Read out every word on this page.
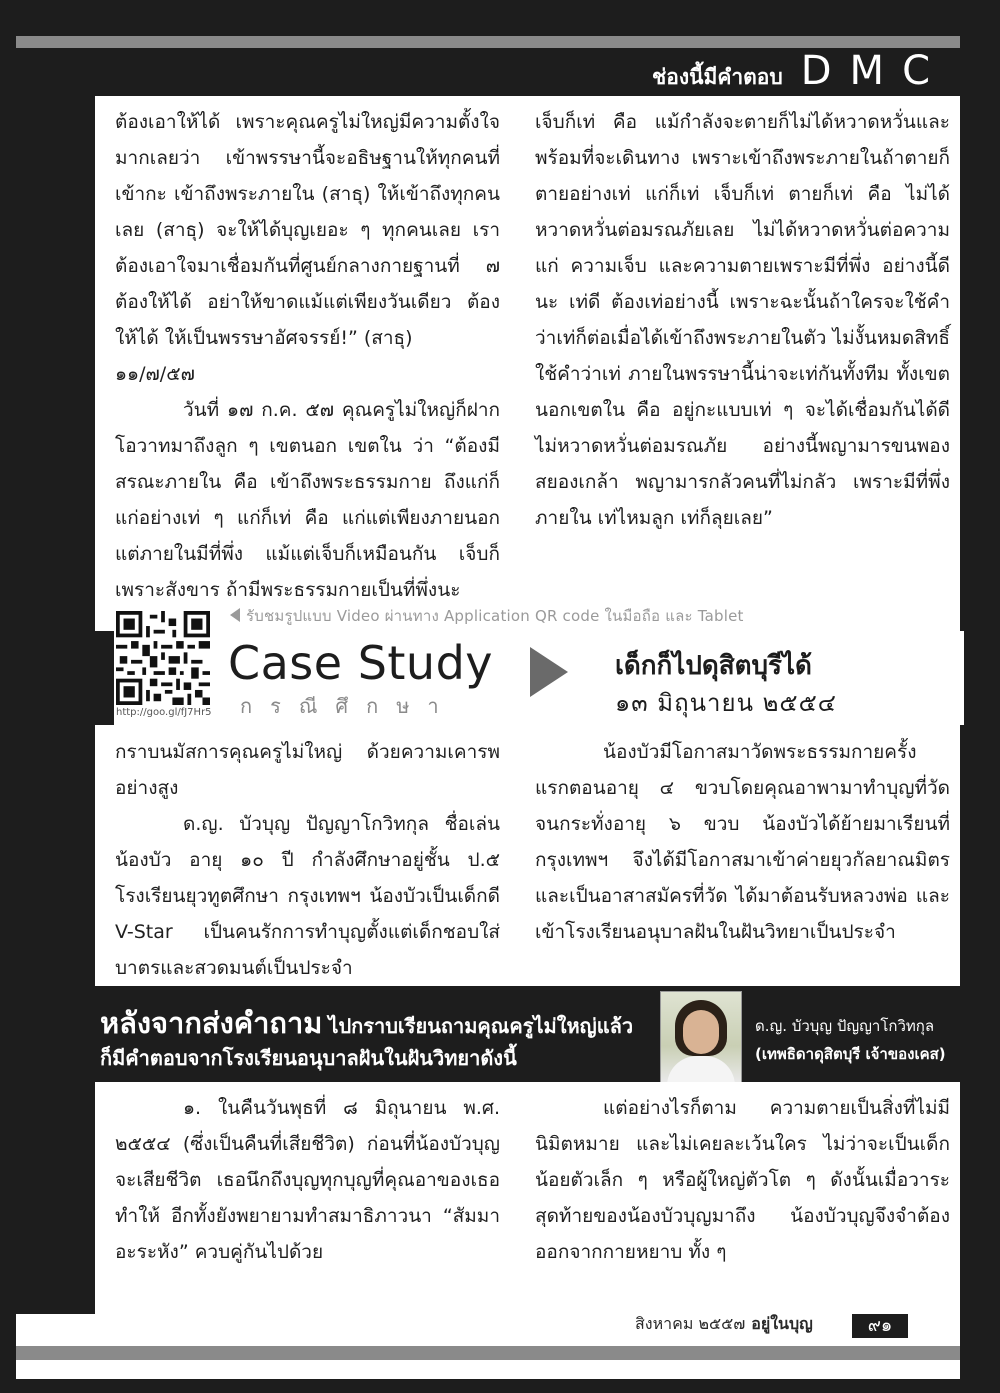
ช่องนี้มีคำตอบ DMC

ต้องเอาให้ได้ เพราะคุณครูไม่ใหญ่มีความตั้งใจมากเลยว่า เข้าพรรษานี้จะอธิษฐานให้ทุกคนที่เข้ากะ เข้าถึงพระภายใน (สาธุ) ให้เข้าถึงทุกคนเลย (สาธุ) จะให้ได้บุญเยอะ ๆ ทุกคนเลย เราต้องเอาใจมาเชื่อมกันที่ศูนย์กลางกายฐานที่ ๗ ต้องให้ได้ อย่าให้ขาดแม้แต่เพียงวันเดียว ต้องให้ได้ ให้เป็นพรรษาอัศจรรย์!” (สาธุ)

๑๑/๗/๕๗

วันที่ ๑๗ ก.ค. ๕๗ คุณครูไม่ใหญ่ก็ฝากโอวาทมาถึงลูก ๆ เขตนอก เขตใน ว่า “ต้องมีสรณะภายใน คือ เข้าถึงพระธรรมกาย ถึงแก่ก็แก่อย่างเท่ ๆ แก่ก็เท่ คือ แก่แต่เพียงภายนอก แต่ภายในมีที่พึ่ง แม้แต่เจ็บก็เหมือนกัน เจ็บก็เพราะสังขาร ถ้ามีพระธรรมกายเป็นที่พึ่งนะ

เจ็บก็เท่ คือ แม้กำลังจะตายก็ไม่ได้หวาดหวั่นและพร้อมที่จะเดินทาง เพราะเข้าถึงพระภายในถ้าตายก็ตายอย่างเท่ แก่ก็เท่ เจ็บก็เท่ ตายก็เท่ คือ ไม่ได้หวาดหวั่นต่อมรณภัยเลย ไม่ได้หวาดหวั่นต่อความแก่ ความเจ็บ และความตายเพราะมีที่พึ่ง อย่างนี้ดีนะ เท่ดี ต้องเท่อย่างนี้ เพราะฉะนั้นถ้าใครจะใช้คำว่าเท่ก็ต่อเมื่อได้เข้าถึงพระภายในตัว ไม่งั้นหมดสิทธิ์ใช้คำว่าเท่ ภายในพรรษานี้น่าจะเท่กันทั้งทีม ทั้งเขตนอกเขตใน คือ อยู่กะแบบเท่ ๆ จะได้เชื่อมกันได้ดี ไม่หวาดหวั่นต่อมรณภัย อย่างนี้พญามารขนพองสยองเกล้า พญามารกลัวคนที่ไม่กลัว เพราะมีที่พึ่งภายใน เท่ไหมลูก เท่ก็ลุยเลย”

รับชมรูปแบบ Video ผ่านทาง Application QR code ในมือถือ และ Tablet
http://goo.gl/fJ7Hr5
Case Study
กรณีศึกษา
เด็กก็ไปดุสิตบุรีได้
๑๓ มิถุนายน ๒๕๕๔

กราบนมัสการคุณครูไม่ใหญ่ ด้วยความเคารพอย่างสูง

ด.ญ. บัวบุญ ปัญญาโกวิทกุล ชื่อเล่นน้องบัว อายุ ๑๐ ปี กำลังศึกษาอยู่ชั้น ป.๕ โรงเรียนยุวทูตศึกษา กรุงเทพฯ น้องบัวเป็นเด็กดี V-Star เป็นคนรักการทำบุญตั้งแต่เด็กชอบใส่บาตรและสวดมนต์เป็นประจำ

น้องบัวมีโอกาสมาวัดพระธรรมกายครั้งแรกตอนอายุ ๔ ขวบโดยคุณอาพามาทำบุญที่วัด จนกระทั่งอายุ ๖ ขวบ น้องบัวได้ย้ายมาเรียนที่กรุงเทพฯ จึงได้มีโอกาสมาเข้าค่ายยุวกัลยาณมิตร และเป็นอาสาสมัครที่วัด ได้มาต้อนรับหลวงพ่อ และเข้าโรงเรียนอนุบาลฝันในฝันวิทยาเป็นประจำ

หลังจากส่งคำถาม ไปกราบเรียนถามคุณครูไม่ใหญ่แล้ว
ก็มีคำตอบจากโรงเรียนอนุบาลฝันในฝันวิทยาดังนี้
ด.ญ. บัวบุญ ปัญญาโกวิทกุล
(เทพธิดาดุสิตบุรี เจ้าของเคส)

๑. ในคืนวันพุธที่ ๘ มิถุนายน พ.ศ. ๒๕๕๔ (ซึ่งเป็นคืนที่เสียชีวิต) ก่อนที่น้องบัวบุญจะเสียชีวิต เธอนึกถึงบุญทุกบุญที่คุณอาของเธอทำให้ อีกทั้งยังพยายามทำสมาธิภาวนา “สัมมา อะระหัง” ควบคู่กันไปด้วย

แต่อย่างไรก็ตาม ความตายเป็นสิ่งที่ไม่มีนิมิตหมาย และไม่เคยละเว้นใคร ไม่ว่าจะเป็นเด็กน้อยตัวเล็ก ๆ หรือผู้ใหญ่ตัวโต ๆ ดังนั้นเมื่อวาระสุดท้ายของน้องบัวบุญมาถึง น้องบัวบุญจึงจำต้องออกจากกายหยาบ ทั้ง ๆ

สิงหาคม ๒๕๕๗ อยู่ในบุญ	๙๑
